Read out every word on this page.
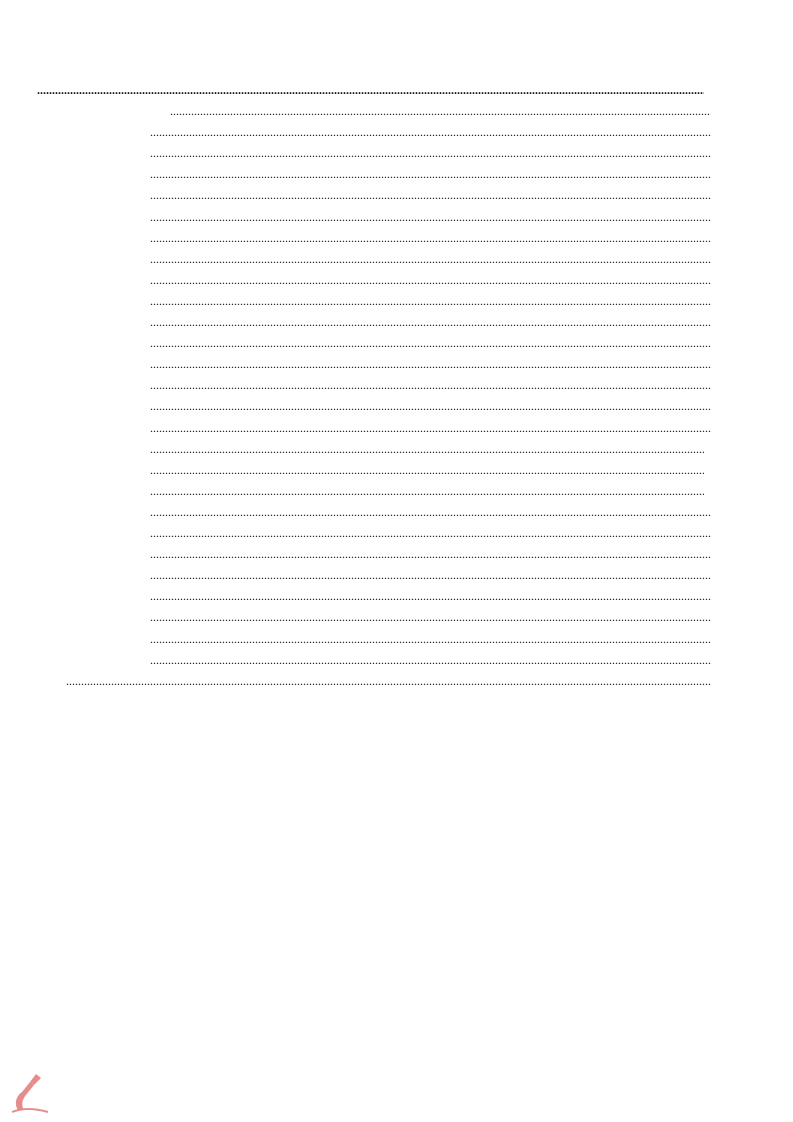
.....
.....
.....
.....
.....
.....
.....
.....
.....
.....
.....
.....
.....
.....
.....
.....
.....
.....
.....
.....
.....
.....
.....
.....
.....
.....
.....
.....
.....
